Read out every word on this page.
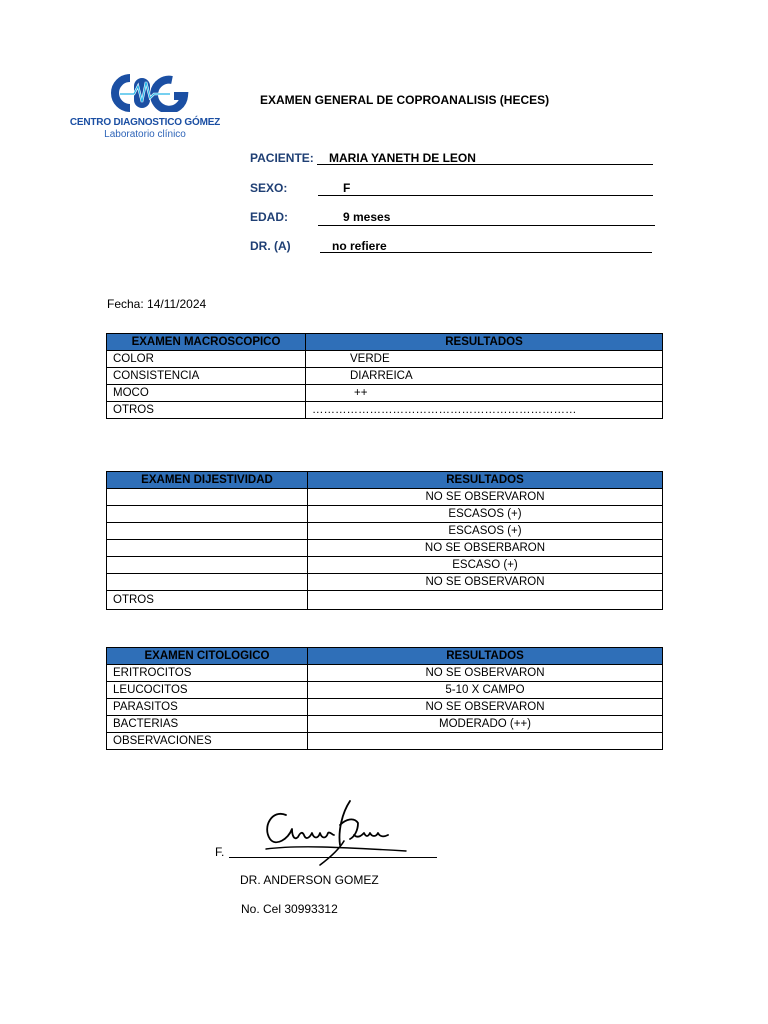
CENTRO DIAGNOSTICO GÓMEZ
Laboratorio clínico
EXAMEN GENERAL DE COPROANALISIS (HECES)
PACIENTE: MARIA YANETH DE LEON
SEXO:	F
EDAD:	9 meses
DR. (A)	no refiere
Fecha: 14/11/2024
EXAMEN MACROSCOPICO	RESULTADOS
COLOR	VERDE
CONSISTENCIA	DIARREICA
MOCO	++
OTROS	……………………………………………………………
EXAMEN DIJESTIVIDAD	RESULTADOS
	NO SE OBSERVARON
	ESCASOS (+)
	ESCASOS (+)
	NO SE OBSERBARON
	ESCASO (+)
	NO SE OBSERVARON
OTROS	
EXAMEN CITOLOGICO	RESULTADOS
ERITROCITOS	NO SE OSBERVARON
LEUCOCITOS	5-10 X CAMPO
PARASITOS	NO SE OBSERVARON
BACTERIAS	MODERADO (++)
OBSERVACIONES	
F.
DR. ANDERSON GOMEZ
No. Cel 30993312
